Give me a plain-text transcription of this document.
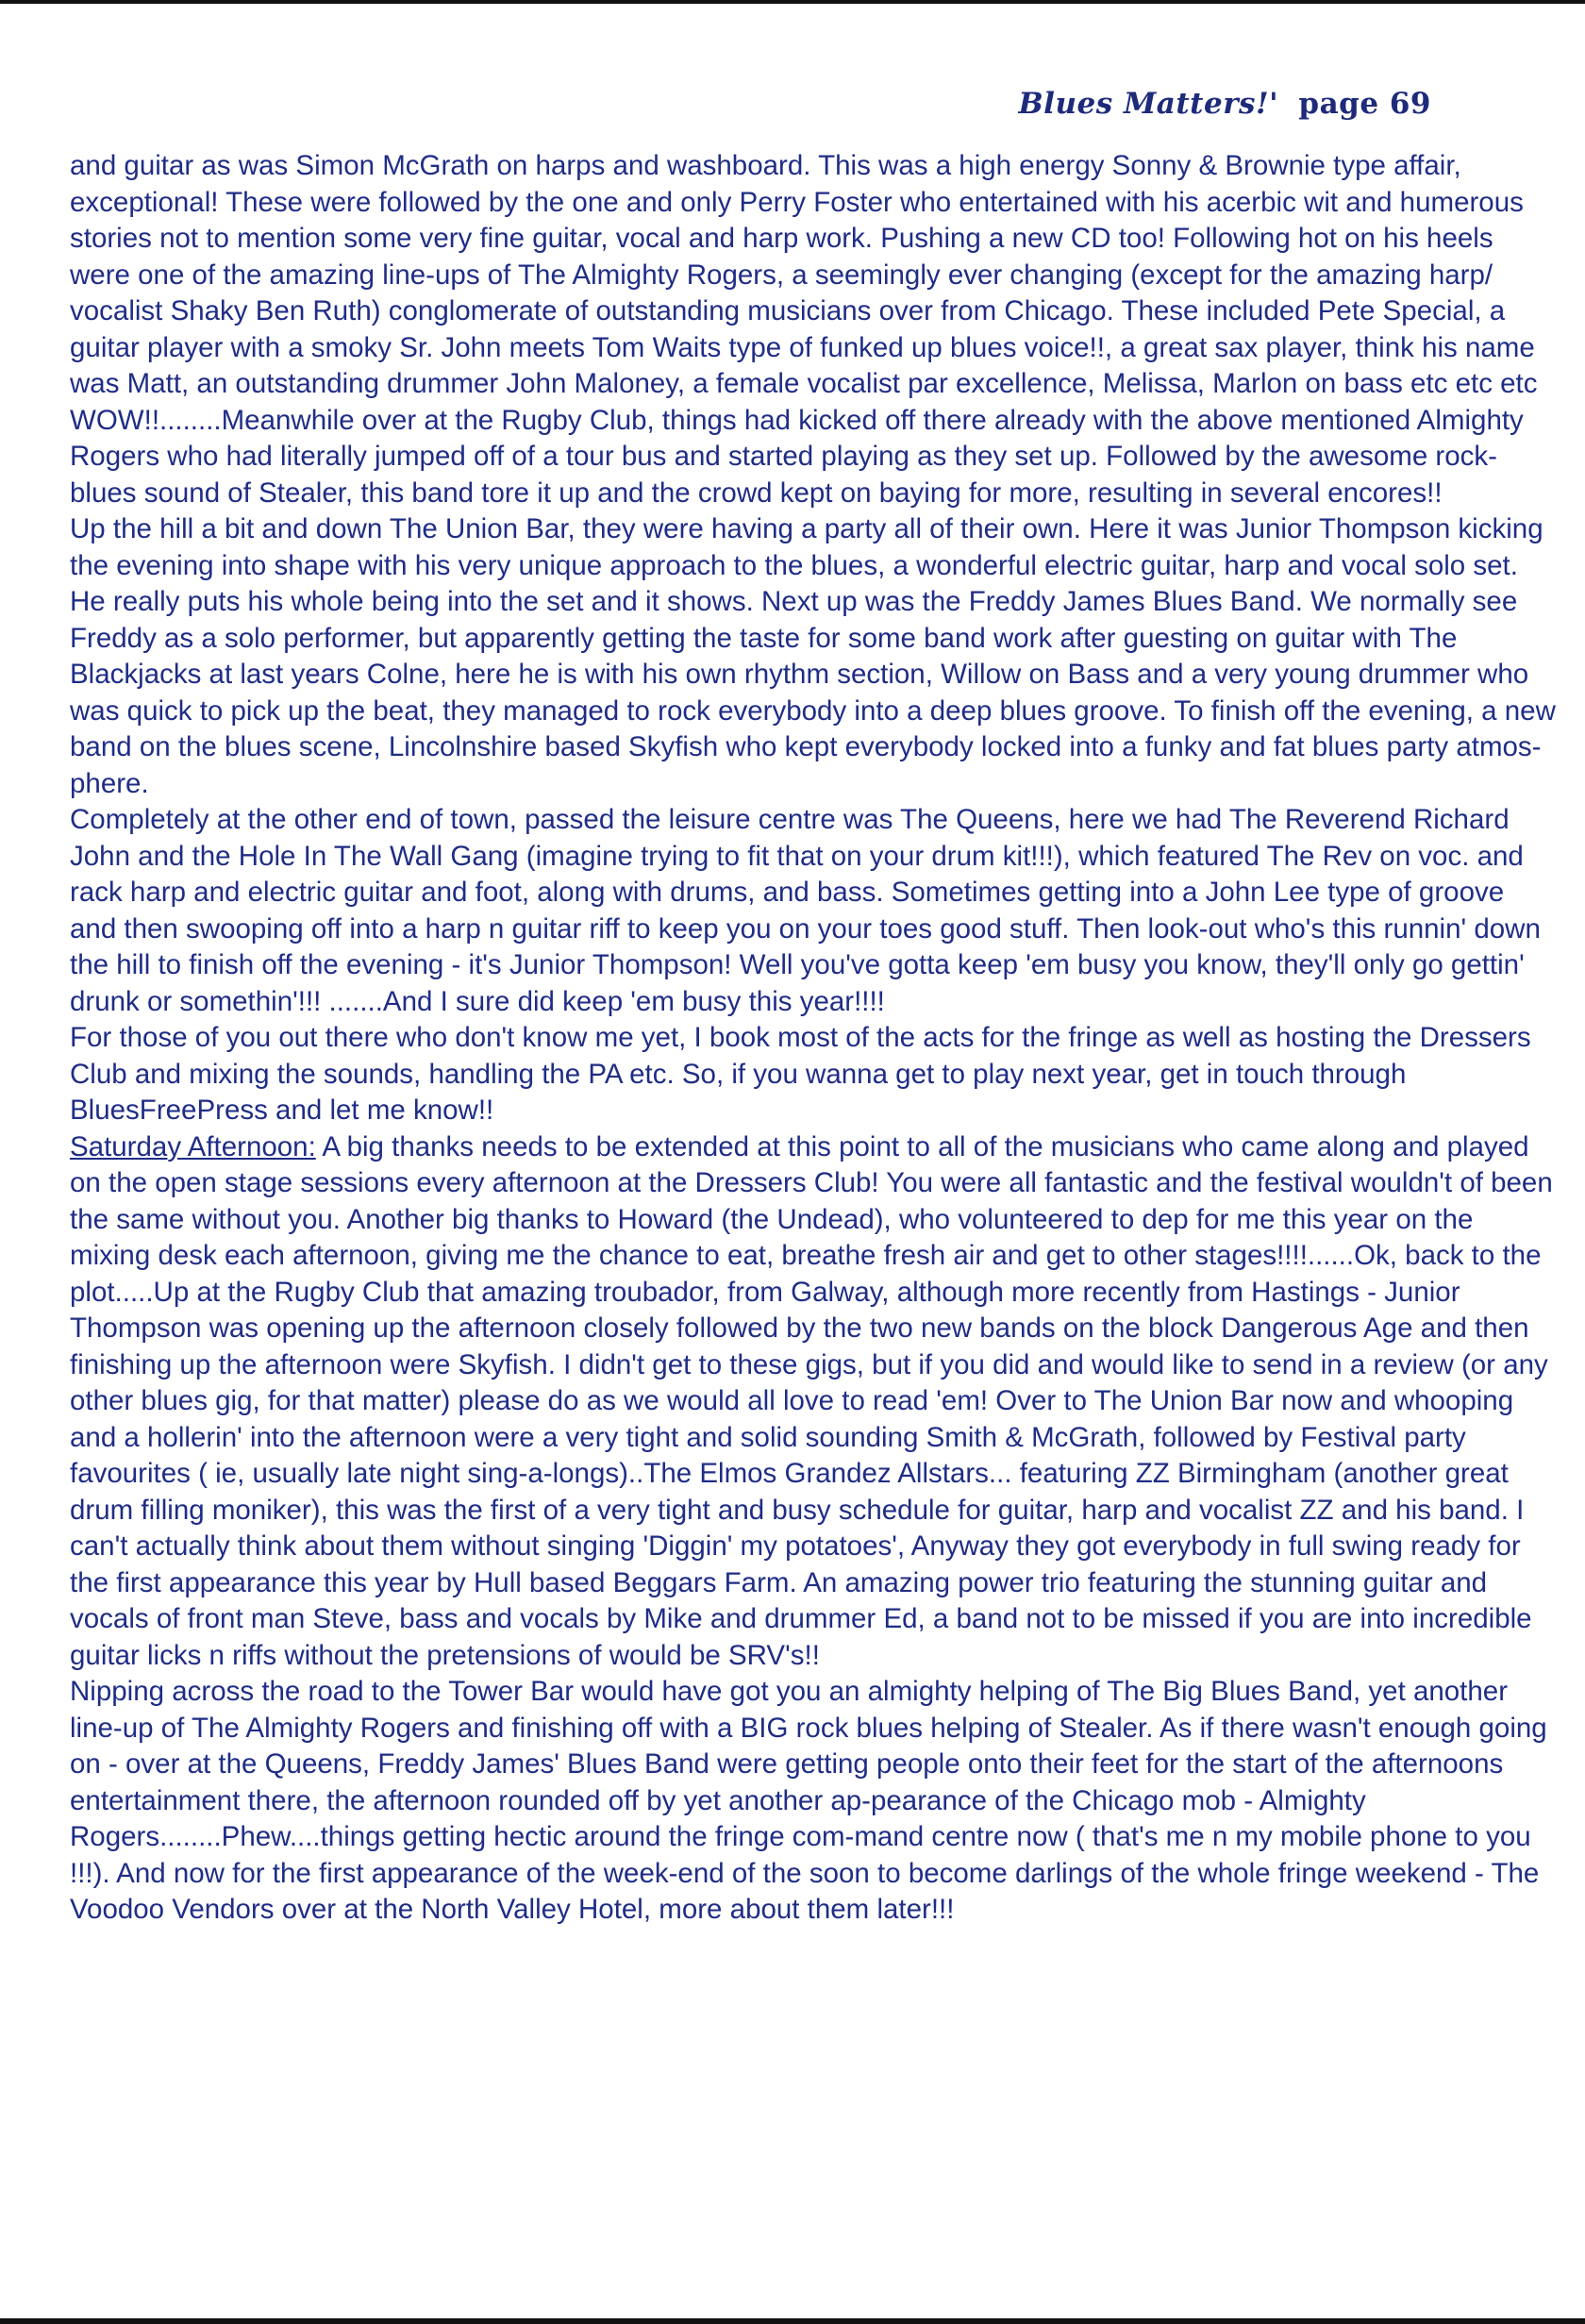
Blues Matters!' page 69

and guitar as was Simon McGrath on harps and washboard. This was a high energy Sonny & Brownie type affair, exceptional! These were followed by the one and only Perry Foster who entertained with his acerbic wit and humerous stories not to mention some very fine guitar, vocal and harp work. Pushing a new CD too! Following hot on his heels were one of the amazing line-ups of The Almighty Rogers, a seemingly ever changing (except for the amazing harp/ vocalist Shaky Ben Ruth) conglomerate of outstanding musicians over from Chicago. These included Pete Special, a guitar player with a smoky Sr. John meets Tom Waits type of funked up blues voice!!, a great sax player, think his name was Matt, an outstanding drummer John Maloney, a female vocalist par excellence, Melissa, Marlon on bass etc etc etc WOW!!........Meanwhile over at the Rugby Club, things had kicked off there already with the above mentioned Almighty Rogers who had literally jumped off of a tour bus and started playing as they set up. Followed by the awesome rock-blues sound of Stealer, this band tore it up and the crowd kept on baying for more, resulting in several encores!!

Up the hill a bit and down The Union Bar, they were having a party all of their own. Here it was Junior Thompson kicking the evening into shape with his very unique approach to the blues, a wonderful electric guitar, harp and vocal solo set. He really puts his whole being into the set and it shows. Next up was the Freddy James Blues Band. We normally see Freddy as a solo performer, but apparently getting the taste for some band work after guesting on guitar with The Blackjacks at last years Colne, here he is with his own rhythm section, Willow on Bass and a very young drummer who was quick to pick up the beat, they managed to rock everybody into a deep blues groove. To finish off the evening, a new band on the blues scene, Lincolnshire based Skyfish who kept everybody locked into a funky and fat blues party atmos-phere.

Completely at the other end of town, passed the leisure centre was The Queens, here we had The Reverend Richard John and the Hole In The Wall Gang (imagine trying to fit that on your drum kit!!!), which featured The Rev on voc. and rack harp and electric guitar and foot, along with drums, and bass. Sometimes getting into a John Lee type of groove and then swooping off into a harp n guitar riff to keep you on your toes good stuff. Then look-out who's this runnin' down the hill to finish off the evening - it's Junior Thompson! Well you've gotta keep 'em busy you know, they'll only go gettin' drunk or somethin'!!! .......And I sure did keep 'em busy this year!!!!

For those of you out there who don't know me yet, I book most of the acts for the fringe as well as hosting the Dressers Club and mixing the sounds, handling the PA etc. So, if you wanna get to play next year, get in touch through BluesFreePress and let me know!!

Saturday Afternoon: A big thanks needs to be extended at this point to all of the musicians who came along and played on the open stage sessions every afternoon at the Dressers Club! You were all fantastic and the festival wouldn't of been the same without you. Another big thanks to Howard (the Undead), who volunteered to dep for me this year on the mixing desk each afternoon, giving me the chance to eat, breathe fresh air and get to other stages!!!!......Ok, back to the plot.....Up at the Rugby Club that amazing troubador, from Galway, although more recently from Hastings - Junior Thompson was opening up the afternoon closely followed by the two new bands on the block Dangerous Age and then finishing up the afternoon were Skyfish. I didn't get to these gigs, but if you did and would like to send in a review (or any other blues gig, for that matter) please do as we would all love to read 'em! Over to The Union Bar now and whooping and a hollerin' into the afternoon were a very tight and solid sounding Smith & McGrath, followed by Festival party favourites ( ie, usually late night sing-a-longs)..The Elmos Grandez Allstars... featuring ZZ Birmingham (another great drum filling moniker), this was the first of a very tight and busy schedule for guitar, harp and vocalist ZZ and his band. I can't actually think about them without singing 'Diggin' my potatoes', Anyway they got everybody in full swing ready for the first appearance this year by Hull based Beggars Farm. An amazing power trio featuring the stunning guitar and vocals of front man Steve, bass and vocals by Mike and drummer Ed, a band not to be missed if you are into incredible guitar licks n riffs without the pretensions of would be SRV's!!

Nipping across the road to the Tower Bar would have got you an almighty helping of The Big Blues Band, yet another line-up of The Almighty Rogers and finishing off with a BIG rock blues helping of Stealer. As if there wasn't enough going on - over at the Queens, Freddy James' Blues Band were getting people onto their feet for the start of the afternoons entertainment there, the afternoon rounded off by yet another ap-pearance of the Chicago mob - Almighty Rogers........Phew....things getting hectic around the fringe com-mand centre now ( that's me n my mobile phone to you !!!). And now for the first appearance of the week-end of the soon to become darlings of the whole fringe weekend - The Voodoo Vendors over at the North Valley Hotel, more about them later!!!
